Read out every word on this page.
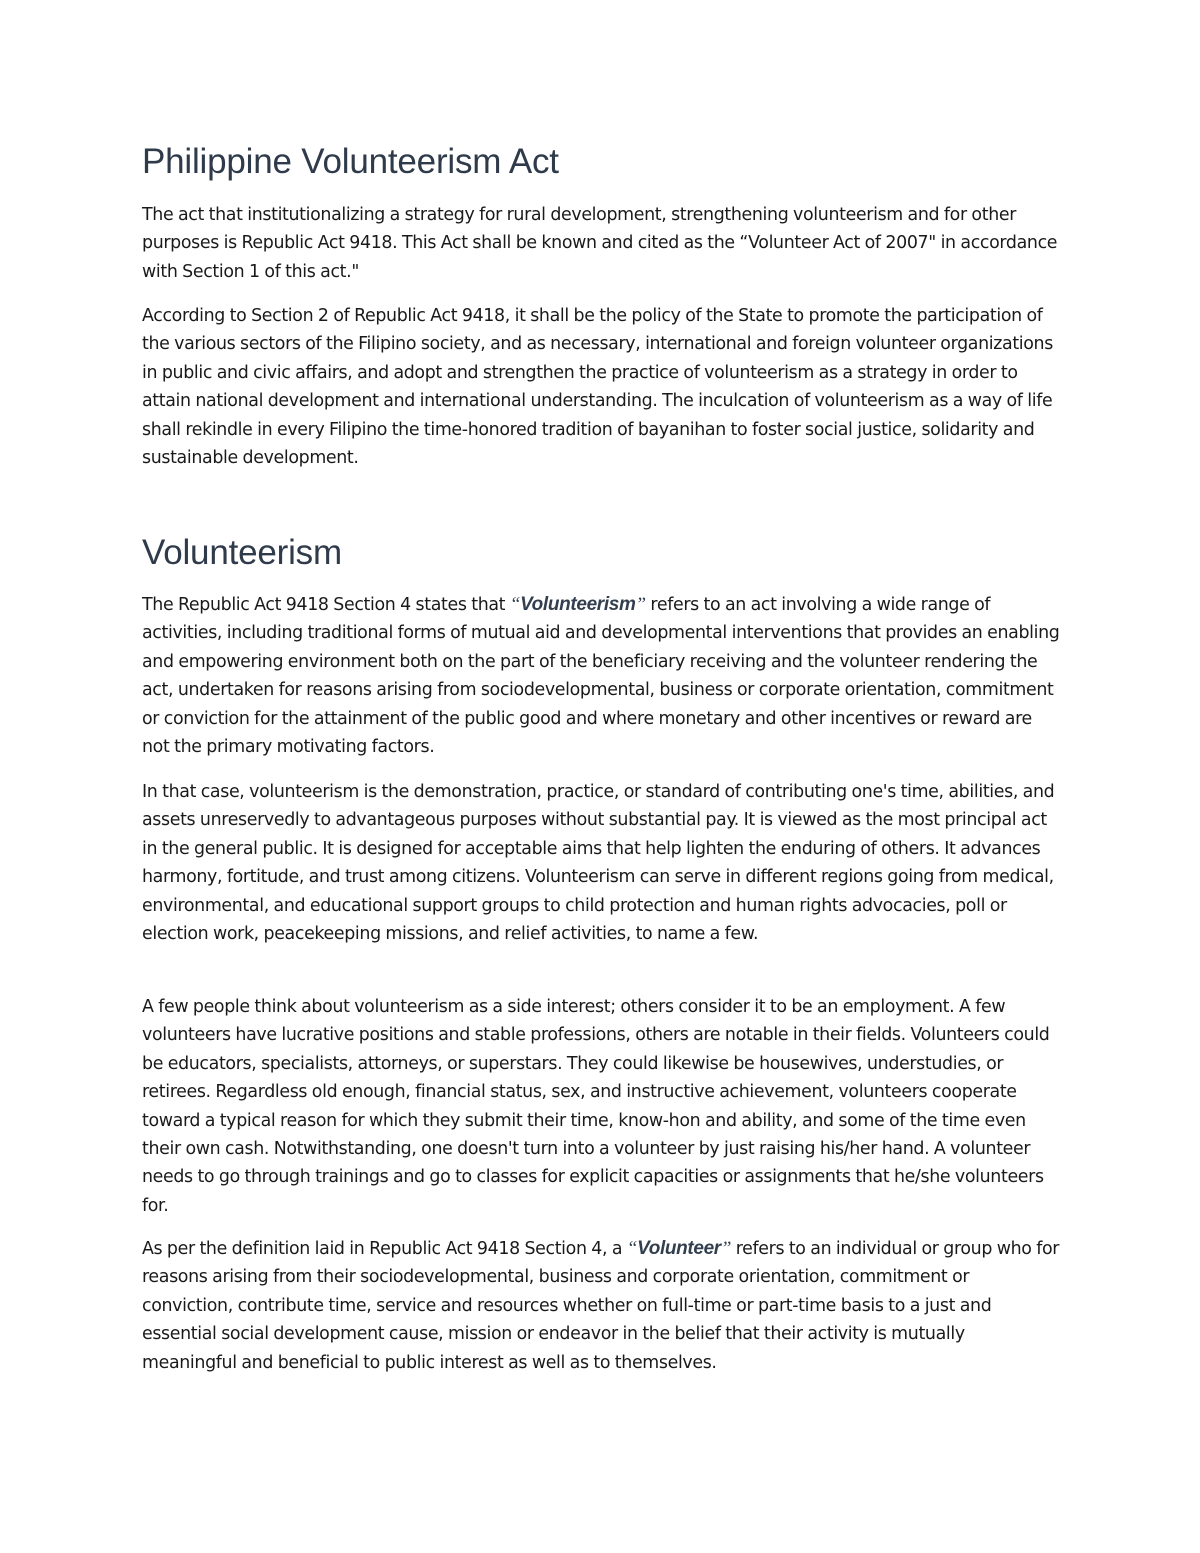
Philippine Volunteerism Act

The act that institutionalizing a strategy for rural development, strengthening volunteerism and for other purposes is Republic Act 9418. This Act shall be known and cited as the “Volunteer Act of 2007" in accordance with Section 1 of this act."

According to Section 2 of Republic Act 9418, it shall be the policy of the State to promote the participation of the various sectors of the Filipino society, and as necessary, international and foreign volunteer organizations in public and civic affairs, and adopt and strengthen the practice of volunteerism as a strategy in order to attain national development and international understanding. The inculcation of volunteerism as a way of life shall rekindle in every Filipino the time-honored tradition of bayanihan to foster social justice, solidarity and sustainable development.

Volunteerism

The Republic Act 9418 Section 4 states that “Volunteerism” refers to an act involving a wide range of activities, including traditional forms of mutual aid and developmental interventions that provides an enabling and empowering environment both on the part of the beneficiary receiving and the volunteer rendering the act, undertaken for reasons arising from sociodevelopmental, business or corporate orientation, commitment or conviction for the attainment of the public good and where monetary and other incentives or reward are not the primary motivating factors.

In that case, volunteerism is the demonstration, practice, or standard of contributing one's time, abilities, and assets unreservedly to advantageous purposes without substantial pay. It is viewed as the most principal act in the general public. It is designed for acceptable aims that help lighten the enduring of others. It advances harmony, fortitude, and trust among citizens. Volunteerism can serve in different regions going from medical, environmental, and educational support groups to child protection and human rights advocacies, poll or election work, peacekeeping missions, and relief activities, to name a few.

A few people think about volunteerism as a side interest; others consider it to be an employment. A few volunteers have lucrative positions and stable professions, others are notable in their fields. Volunteers could be educators, specialists, attorneys, or superstars. They could likewise be housewives, understudies, or retirees. Regardless old enough, financial status, sex, and instructive achievement, volunteers cooperate toward a typical reason for which they submit their time, know-hon and ability, and some of the time even their own cash. Notwithstanding, one doesn't turn into a volunteer by just raising his/her hand. A volunteer needs to go through trainings and go to classes for explicit capacities or assignments that he/she volunteers for.

As per the definition laid in Republic Act 9418 Section 4, a “Volunteer” refers to an individual or group who for reasons arising from their sociodevelopmental, business and corporate orientation, commitment or conviction, contribute time, service and resources whether on full-time or part-time basis to a just and essential social development cause, mission or endeavor in the belief that their activity is mutually meaningful and beneficial to public interest as well as to themselves.
